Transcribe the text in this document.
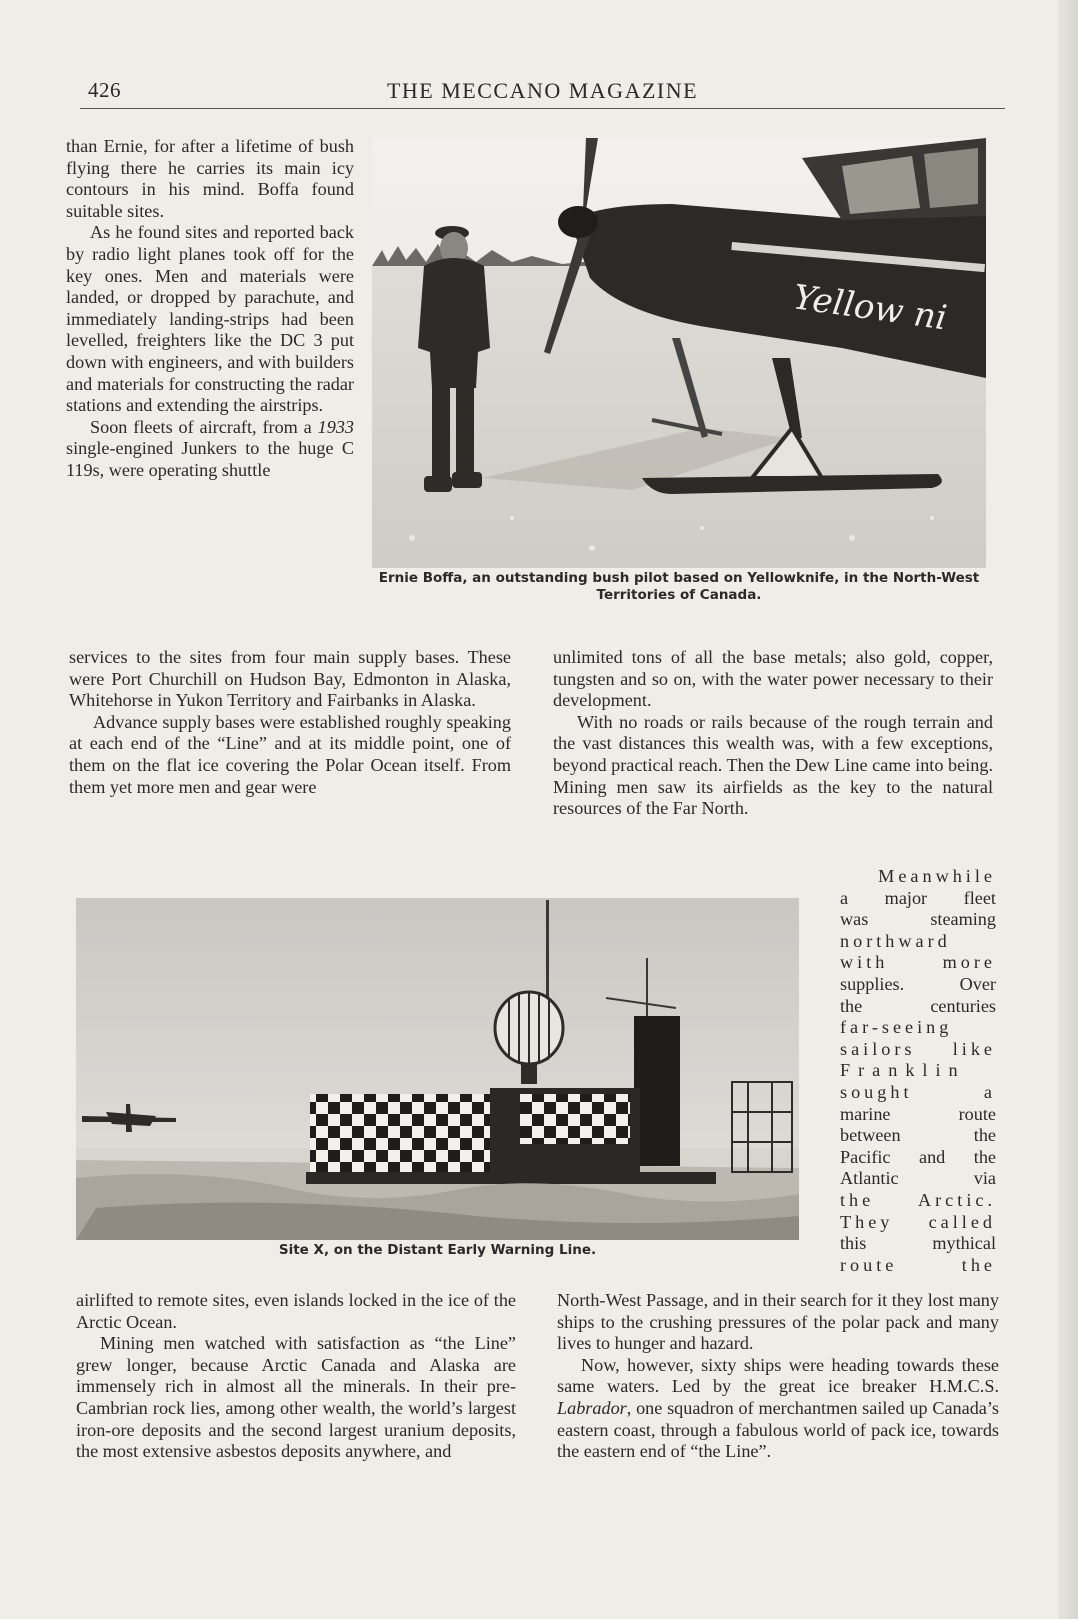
426	THE MECCANO MAGAZINE

than Ernie, for after a lifetime of bush flying there he carries its main icy contours in his mind. Boffa found suitable sites.

As he found sites and reported back by radio light planes took off for the key ones. Men and materials were landed, or dropped by parachute, and immediately landing-strips had been levelled, freighters like the DC 3 put down with engineers, and with builders and materials for constructing the radar stations and extending the airstrips.

Soon fleets of aircraft, from a 1933 single-engined Junkers to the huge C 119s, were operating shuttle

Yellow ni
Ernie Boffa, an outstanding bush pilot based on Yellowknife, in the North-West Territories of Canada.

services to the sites from four main supply bases. These were Port Churchill on Hudson Bay, Edmonton in Alaska, Whitehorse in Yukon Territory and Fairbanks in Alaska.

Advance supply bases were established roughly speaking at each end of the “Line” and at its middle point, one of them on the flat ice covering the Polar Ocean itself. From them yet more men and gear were

unlimited tons of all the base metals; also gold, copper, tungsten and so on, with the water power necessary to their development.

With no roads or rails because of the rough terrain and the vast distances this wealth was, with a few exceptions, beyond practical reach. Then the Dew Line came into being. Mining men saw its airfields as the key to the natural resources of the Far North.

Site X, on the Distant Early Warning Line.

Meanwhile

a major fleet

was steaming

northward

with more

supplies. Over

the centuries

far-seeing

sailors like

Franklin

sought a

marine route

between the

Pacific and the

Atlantic via

the Arctic.

They called

this mythical

route the

airlifted to remote sites, even islands locked in the ice of the Arctic Ocean.

Mining men watched with satisfaction as “the Line” grew longer, because Arctic Canada and Alaska are immensely rich in almost all the minerals. In their pre-Cambrian rock lies, among other wealth, the world’s largest iron-ore deposits and the second largest uranium deposits, the most extensive asbestos deposits anywhere, and

North-West Passage, and in their search for it they lost many ships to the crushing pressures of the polar pack and many lives to hunger and hazard.

Now, however, sixty ships were heading towards these same waters. Led by the great ice breaker H.M.C.S. Labrador, one squadron of merchantmen sailed up Canada’s eastern coast, through a fabulous world of pack ice, towards the eastern end of “the Line”.
